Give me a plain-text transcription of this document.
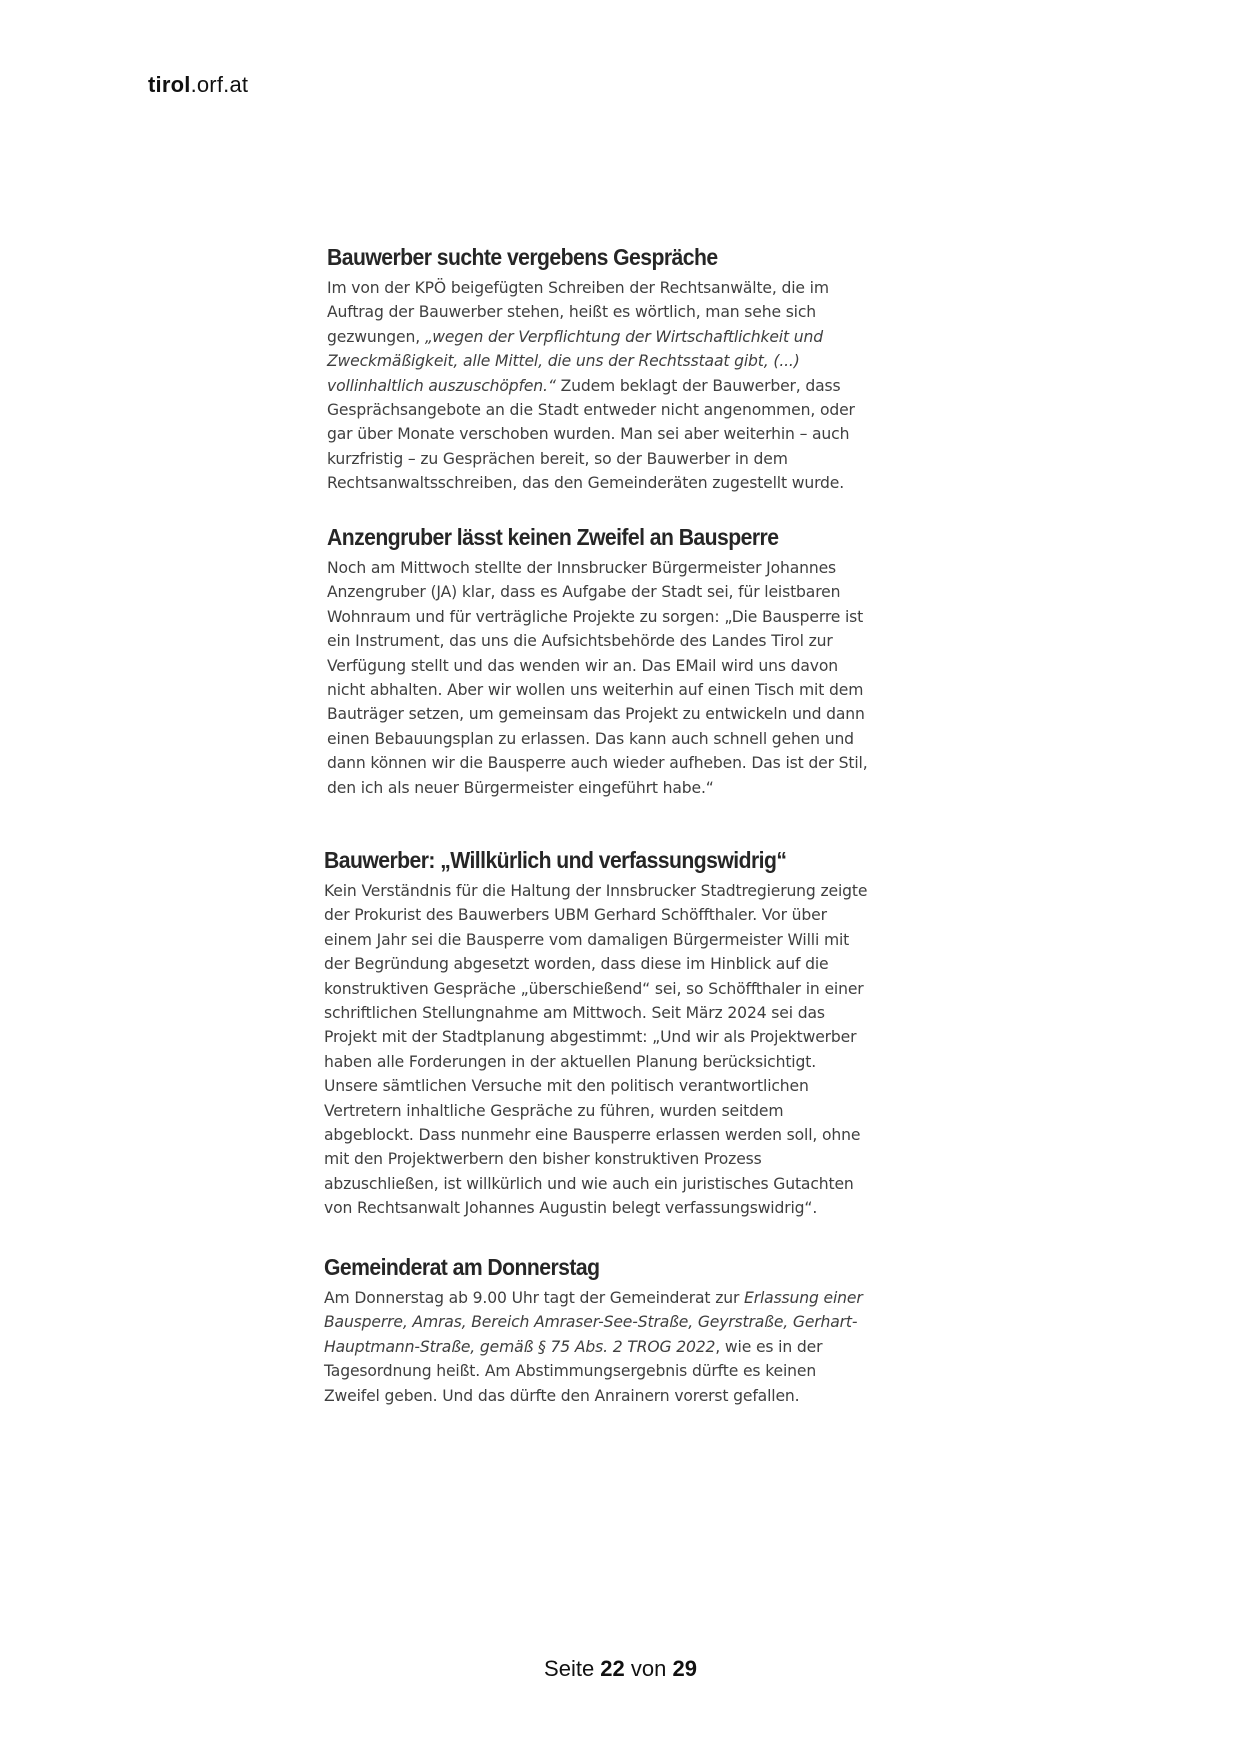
tirol.orf.at
Bauwerber suchte vergebens Gespräche

Im von der KPÖ beigefügten Schreiben der Rechtsanwälte, die im
Auftrag der Bauwerber stehen, heißt es wörtlich, man sehe sich
gezwungen, „wegen der Verpflichtung der Wirtschaftlichkeit und
Zweckmäßigkeit, alle Mittel, die uns der Rechtsstaat gibt, (...)
vollinhaltlich auszuschöpfen.“ Zudem beklagt der Bauwerber, dass
Gesprächsangebote an die Stadt entweder nicht angenommen, oder
gar über Monate verschoben wurden. Man sei aber weiterhin – auch
kurzfristig – zu Gesprächen bereit, so der Bauwerber in dem
Rechtsanwaltsschreiben, das den Gemeinderäten zugestellt wurde.

Anzengruber lässt keinen Zweifel an Bausperre

Noch am Mittwoch stellte der Innsbrucker Bürgermeister Johannes
Anzengruber (JA) klar, dass es Aufgabe der Stadt sei, für leistbaren
Wohnraum und für verträgliche Projekte zu sorgen: „Die Bausperre ist
ein Instrument, das uns die Aufsichtsbehörde des Landes Tirol zur
Verfügung stellt und das wenden wir an. Das EMail wird uns davon
nicht abhalten. Aber wir wollen uns weiterhin auf einen Tisch mit dem
Bauträger setzen, um gemeinsam das Projekt zu entwickeln und dann
einen Bebauungsplan zu erlassen. Das kann auch schnell gehen und
dann können wir die Bausperre auch wieder aufheben. Das ist der Stil,
den ich als neuer Bürgermeister eingeführt habe.“

Bauwerber: „Willkürlich und verfassungswidrig“

Kein Verständnis für die Haltung der Innsbrucker Stadtregierung zeigte
der Prokurist des Bauwerbers UBM Gerhard Schöffthaler. Vor über
einem Jahr sei die Bausperre vom damaligen Bürgermeister Willi mit
der Begründung abgesetzt worden, dass diese im Hinblick auf die
konstruktiven Gespräche „überschießend“ sei, so Schöffthaler in einer
schriftlichen Stellungnahme am Mittwoch. Seit März 2024 sei das
Projekt mit der Stadtplanung abgestimmt: „Und wir als Projektwerber
haben alle Forderungen in der aktuellen Planung berücksichtigt.
Unsere sämtlichen Versuche mit den politisch verantwortlichen
Vertretern inhaltliche Gespräche zu führen, wurden seitdem
abgeblockt. Dass nunmehr eine Bausperre erlassen werden soll, ohne
mit den Projektwerbern den bisher konstruktiven Prozess
abzuschließen, ist willkürlich und wie auch ein juristisches Gutachten
von Rechtsanwalt Johannes Augustin belegt verfassungswidrig“.

Gemeinderat am Donnerstag

Am Donnerstag ab 9.00 Uhr tagt der Gemeinderat zur Erlassung einer
Bausperre, Amras, Bereich Amraser-See-Straße, Geyrstraße, Gerhart-
Hauptmann-Straße, gemäß § 75 Abs. 2 TROG 2022, wie es in der
Tagesordnung heißt. Am Abstimmungsergebnis dürfte es keinen
Zweifel geben. Und das dürfte den Anrainern vorerst gefallen.

Seite 22 von 29
